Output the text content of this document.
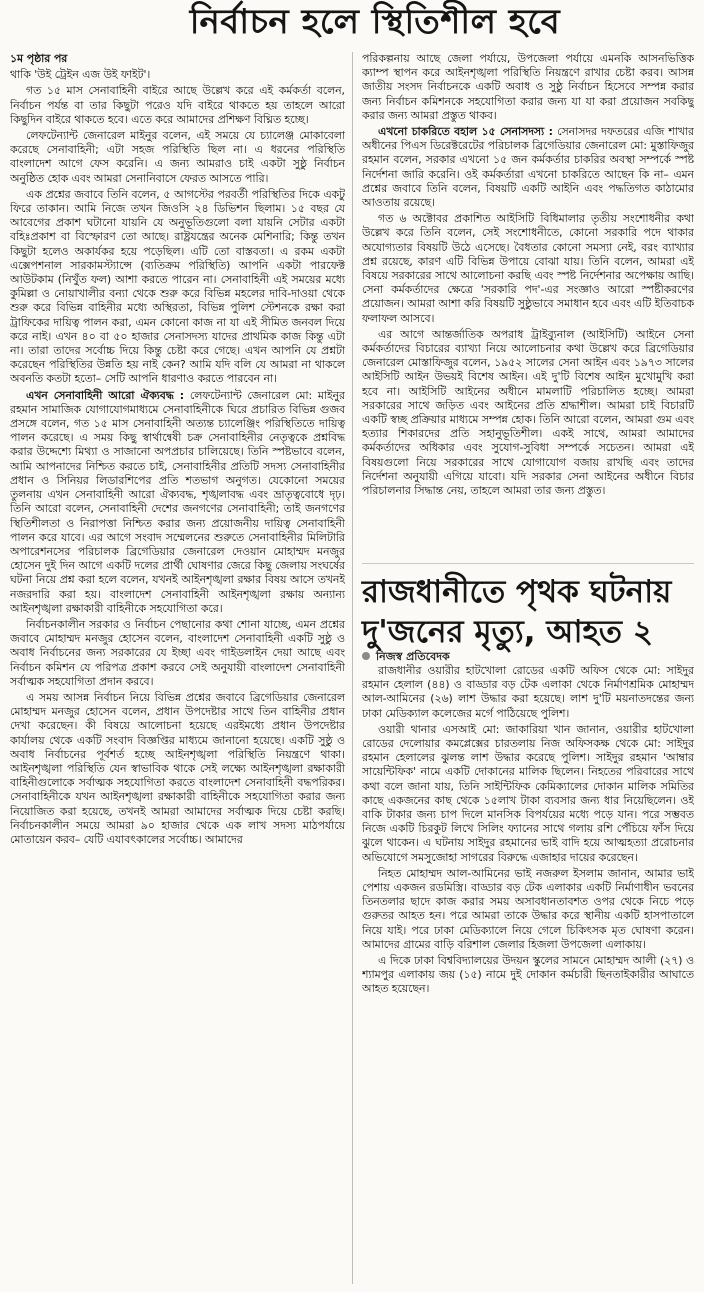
নির্বাচন হলে স্থিতিশীল হবে

১ম পৃষ্ঠার পর

থাকি 'উই ট্রেইন এজ উই ফাইট'।

গত ১৫ মাস সেনাবাহিনী বাইরে আছে উল্লেখ করে এই কর্মকর্তা বলেন, নির্বাচন পর্যন্ত বা তার কিছুটা পরেও যদি বাইরে থাকতে হয় তাহলে আরো কিছুদিন বাইরে থাকতে হবে। এতে করে আমাদের প্রশিক্ষণ বিঘ্নিত হচ্ছে।

লেফটেন্যান্ট জেনারেল মাইনুর বলেন, এই সময়ে যে চ্যালেঞ্জ মোকাবেলা করেছে সেনাবাহিনী; এটা সহজ পরিস্থিতি ছিল না। এ ধরনের পরিস্থিতি বাংলাদেশ আগে ফেস করেনি। এ জন্য আমরাও চাই একটা সুষ্ঠু নির্বাচন অনুষ্ঠিত হোক এবং আমরা সেনানিবাসে ফেরত আসতে পারি।

এক প্রশ্নের জবাবে তিনি বলেন, ৫ আগস্টের পরবর্তী পরিস্থিতির দিকে একটু ফিরে তাকান। আমি নিজে তখন জিওসি ২৪ ডিভিশন ছিলাম। ১৫ বছর যে আবেগের প্রকাশ ঘটানো যায়নি যে অনুভূতিগুলো বলা যায়নি সেটার একটা বহিঃপ্রকাশ বা বিস্ফোরণ তো আছে। রাষ্ট্রযন্ত্রের অনেক মেশিনারি; কিন্তু তখন কিছুটা হলেও অকার্যকর হয়ে পড়েছিল। এটি তো বাস্তবতা। এ রকম একটা এক্সেপশনাল সারকামস্ট্যান্সে (ব্যতিক্রম পরিস্থিতি) আপনি একটা পারফেক্ট আউটকাম (নিখুঁত ফল) আশা করতে পারেন না। সেনাবাহিনী এই সময়ের মধ্যে কুমিল্লা ও নোয়াখালীর বন্যা থেকে শুরু করে বিভিন্ন মহলের দাবি-দাওয়া থেকে শুরু করে বিভিন্ন বাহিনীর মধ্যে অস্থিরতা, বিভিন্ন পুলিশ স্টেশনকে রক্ষা করা ট্রাফিকের দায়িত্ব পালন করা, এমন কোনো কাজ না যা এই সীমিত জনবল দিয়ে করে নাই। এখন ৪০ বা ৫০ হাজার সেনাসদস্য যাদের প্রাথমিক কাজ কিন্তু এটা না। তারা তাদের সর্বোচ্চ দিয়ে কিন্তু চেষ্টা করে গেছে। এখন আপনি যে প্রশ্নটা করেছেন পরিস্থিতির উন্নতি হয় নাই কেন? আমি যদি বলি যে আমরা না থাকলে অবনতি কতটা হতো– সেটি আপনি ধারণাও করতে পারবেন না।

এখন সেনাবাহিনী আরো ঐক্যবদ্ধ : লেফটেন্যান্ট জেনারেল মো: মাইনুর রহমান সামাজিক যোগাযোগমাধ্যমে সেনাবাহিনীকে ঘিরে প্রচারিত বিভিন্ন গুজব প্রসঙ্গে বলেন, গত ১৫ মাস সেনাবাহিনী অত্যন্ত চ্যালেঞ্জিং পরিস্থিতিতে দায়িত্ব পালন করেছে। এ সময় কিছু স্বার্থান্বেষী চক্র সেনাবাহিনীর নেতৃত্বকে প্রশ্নবিদ্ধ করার উদ্দেশ্যে মিথ্যা ও সাজানো অপপ্রচার চালিয়েছে। তিনি স্পষ্টভাবে বলেন, আমি আপনাদের নিশ্চিত করতে চাই, সেনাবাহিনীর প্রতিটি সদস্য সেনাবাহিনীর প্রধান ও সিনিয়র লিডারশিপের প্রতি শতভাগ অনুগত। যেকোনো সময়ের তুলনায় এখন সেনাবাহিনী আরো ঐক্যবদ্ধ, শৃঙ্খলাবদ্ধ এবং ভ্রাতৃত্ববোধে দৃঢ়। তিনি আরো বলেন, সেনাবাহিনী দেশের জনগণের সেনাবাহিনী; তাই জনগণের স্থিতিশীলতা ও নিরাপত্তা নিশ্চিত করার জন্য প্রয়োজনীয় দায়িত্ব সেনাবাহিনী পালন করে যাবে। এর আগে সংবাদ সম্মেলনের শুরুতে সেনাবাহিনীর মিলিটারি অপারেশনসের পরিচালক ব্রিগেডিয়ার জেনারেল দেওয়ান মোহাম্মদ মনজুর হোসেন দুই দিন আগে একটি দলের প্রার্থী ঘোষণার জেরে কিছু জেলায় সংঘর্ষের ঘটনা নিয়ে প্রশ্ন করা হলে বলেন, যখনই আইনশৃঙ্খলা রক্ষার বিষয় আসে তখনই নজরদারি করা হয়। বাংলাদেশ সেনাবাহিনী আইনশৃঙ্খলা রক্ষায় অন্যান্য আইনশৃঙ্খলা রক্ষাকারী বাহিনীকে সহযোগিতা করে।

নির্বাচনকালীন সরকার ও নির্বাচন পেছানোর কথা শোনা যাচ্ছে, এমন প্রশ্নের জবাবে মোহাম্মদ মনজুর হোসেন বলেন, বাংলাদেশ সেনাবাহিনী একটি সুষ্ঠু ও অবাধ নির্বাচনের জন্য সরকারের যে ইচ্ছা এবং গাইডলাইন দেয়া আছে এবং নির্বাচন কমিশন যে পরিপত্র প্রকাশ করবে সেই অনুযায়ী বাংলাদেশ সেনাবাহিনী সর্বাত্মক সহযোগিতা প্রদান করবে।

এ সময় আসন্ন নির্বাচন নিয়ে বিভিন্ন প্রশ্নের জবাবে ব্রিগেডিয়ার জেনারেল মোহাম্মদ মনজুর হোসেন বলেন, প্রধান উপদেষ্টার সাথে তিন বাহিনীর প্রধান দেখা করেছেন। কী বিষয়ে আলোচনা হয়েছে এরইমধ্যে প্রধান উপদেষ্টার কার্যালয় থেকে একটি সংবাদ বিজ্ঞপ্তির মাধ্যমে জানানো হয়েছে। একটি সুষ্ঠু ও অবাধ নির্বাচনের পূর্বশর্ত হচ্ছে আইনশৃঙ্খলা পরিস্থিতি নিয়ন্ত্রণে থাকা। আইনশৃঙ্খলা পরিস্থিতি যেন স্বাভাবিক থাকে সেই লক্ষ্যে আইনশৃঙ্খলা রক্ষাকারী বাহিনীগুলোকে সর্বাত্মক সহযোগিতা করতে বাংলাদেশ সেনাবাহিনী বদ্ধপরিকর। সেনাবাহিনীকে যখন আইনশৃঙ্খলা রক্ষাকারী বাহিনীকে সহযোগিতা করার জন্য নিয়োজিত করা হয়েছে, তখনই আমরা আমাদের সর্বাত্মক দিয়ে চেষ্টা করছি। নির্বাচনকালীন সময়ে আমরা ৯০ হাজার থেকে এক লাখ সদস্য মাঠপর্যায়ে মোতায়েন করব– যেটি এযাবৎকালের সর্বোচ্চ। আমাদের

পরিকল্পনায় আছে জেলা পর্যায়ে, উপজেলা পর্যায়ে এমনকি আসনভিত্তিক ক্যাম্প স্থাপন করে আইনশৃঙ্খলা পরিস্থিতি নিয়ন্ত্রণে রাখার চেষ্টা করব। আসন্ন জাতীয় সংসদ নির্বাচনকে একটি অবাধ ও সুষ্ঠু নির্বাচন হিসেবে সম্পন্ন করার জন্য নির্বাচন কমিশনকে সহযোগিতা করার জন্য যা যা করা প্রয়োজন সবকিছু করার জন্য আমরা প্রস্তুত থাকব।

এখনো চাকরিতে বহাল ১৫ সেনাসদস্য : সেনাসদর দফতরের এজি শাখার অধীনের পিএস ডিরেক্টরেটের পরিচালক ব্রিগেডিয়ার জেনারেল মো: মুস্তাফিজুর রহমান বলেন, সরকার এখনো ১৫ জন কর্মকর্তার চাকরির অবস্থা সম্পর্কে স্পষ্ট নির্দেশনা জারি করেনি। ওই কর্মকর্তারা এখনো চাকরিতে আছেন কি না– এমন প্রশ্নের জবাবে তিনি বলেন, বিষয়টি একটি আইনি এবং পদ্ধতিগত কাঠামোর আওতায় রয়েছে।

গত ৬ অক্টোবর প্রকাশিত আইসিটি বিধিমালার তৃতীয় সংশোধনীর কথা উল্লেখ করে তিনি বলেন, সেই সংশোধনীতে, কোনো সরকারি পদে থাকার অযোগ্যতার বিষয়টি উঠে এসেছে। বৈধতার কোনো সমস্যা নেই, বরং ব্যাখ্যার প্রশ্ন রয়েছে, কারণ এটি বিভিন্ন উপায়ে বোঝা যায়। তিনি বলেন, আমরা এই বিষয়ে সরকারের সাথে আলোচনা করছি এবং স্পষ্ট নির্দেশনার অপেক্ষায় আছি। সেনা কর্মকর্তাদের ক্ষেত্রে 'সরকারি পদ'-এর সংজ্ঞাও আরো স্পষ্টীকরণের প্রয়োজন। আমরা আশা করি বিষয়টি সুষ্ঠুভাবে সমাধান হবে এবং এটি ইতিবাচক ফলাফল আসবে।

এর আগে আন্তর্জাতিক অপরাধ ট্রাইব্যুনাল (আইসিটি) আইনে সেনা কর্মকর্তাদের বিচারের ব্যাখ্যা নিয়ে আলোচনার কথা উল্লেখ করে ব্রিগেডিয়ার জেনারেল মোস্তাফিজুর বলেন, ১৯৫২ সালের সেনা আইন এবং ১৯৭৩ সালের আইসিটি আইন উভয়ই বিশেষ আইন। এই দু'টি বিশেষ আইন মুখোমুখি করা হবে না। আইসিটি আইনের অধীনে মামলাটি পরিচালিত হচ্ছে। আমরা সরকারের সাথে জড়িত এবং আইনের প্রতি শ্রদ্ধাশীল। আমরা চাই বিচারটি একটি স্বচ্ছ প্রক্রিয়ার মাধ্যমে সম্পন্ন হোক। তিনি আরো বলেন, আমরা গুম এবং হত্যার শিকারদের প্রতি সহানুভূতিশীল। একই সাথে, আমরা আমাদের কর্মকর্তাদের অধিকার এবং সুযোগ-সুবিধা সম্পর্কে সচেতন। আমরা এই বিষয়গুলো নিয়ে সরকারের সাথে যোগাযোগ বজায় রাখছি এবং তাদের নির্দেশনা অনুযায়ী এগিয়ে যাবো। যদি সরকার সেনা আইনের অধীনে বিচার পরিচালনার সিদ্ধান্ত নেয়, তাহলে আমরা তার জন্য প্রস্তুত।

রাজধানীতে পৃথক ঘটনায় দু'জনের মৃত্যু, আহত ২
নিজস্ব প্রতিবেদক

রাজধানীর ওয়ারীর হাটখোলা রোডের একটি অফিস থেকে মো: সাইদুর রহমান হেলাল (৪৪) ও বাড্ডার বড় টেক এলাকা থেকে নির্মাণশ্রমিক মোহাম্মদ আল-আমিনের (২৬) লাশ উদ্ধার করা হয়েছে। লাশ দু'টি ময়নাতদন্তের জন্য ঢাকা মেডিক্যাল কলেজের মর্গে পাঠিয়েছে পুলিশ।

ওয়ারী থানার এসআই মো: জাকারিয়া খান জানান, ওয়ারীর হাটখোলা রোডের দেলোয়ার কমপ্লেক্সের চারতলায় নিজ অফিসকক্ষ থেকে মো: সাইদুর রহমান হেলালের ঝুলন্ত লাশ উদ্ধার করেছে পুলিশ। সাইদুর রহমান 'আম্বার সায়েন্টিফিক' নামে একটি দোকানের মালিক ছিলেন। নিহতের পরিবারের সাথে কথা বলে জানা যায়, তিনি সাইন্টিফিক কেমিক্যালের দোকান মালিক সমিতির কাছে একজনের কাছ থেকে ১৫লাখ টাকা ব্যবসার জন্য ধার নিয়েছিলেন। ওই বাকি টাকার জন্য চাপ দিলে মানসিক বিপর্যয়ের মধ্যে পড়ে যান। পরে সম্ভবত নিজে একটি চিরকুট লিখে সিলিং ফ্যানের সাথে গলায় রশি পেঁচিয়ে ফাঁস দিয়ে ঝুলে থাকেন। এ ঘটনায় সাইদুর রহমানের ভাই বাদি হয়ে আত্মহত্যা প্ররোচনার অভিযোগে সমসুজোহা সাগরের বিরুদ্ধে এজাহার দায়ের করেছেন।

নিহত মোহাম্মদ আল-আমিনের ভাই নজরুল ইসলাম জানান, আমার ভাই পেশায় একজন রডমিস্ত্রি। বাড্ডার বড় টেক এলাকার একটি নির্মাণাধীন ভবনের তিনতলার ছাদে কাজ করার সময় অসাবধানতাবশত ওপর থেকে নিচে পড়ে গুরুতর আহত হন। পরে আমরা তাকে উদ্ধার করে স্থানীয় একটি হাসপাতালে নিয়ে যাই। পরে ঢাকা মেডিক্যালে নিয়ে গেলে চিকিৎসক মৃত ঘোষণা করেন। আমাদের গ্রামের বাড়ি বরিশাল জেলার হিজলা উপজেলা এলাকায়।

এ দিকে ঢাকা বিশ্ববিদ্যালয়ের উদয়ন স্কুলের সামনে মোহাম্মদ আলী (২৭) ও শ্যামপুর এলাকায় জয় (১৫) নামে দুই দোকান কর্মচারী ছিনতাইকারীর আঘাতে আহত হয়েছেন।
